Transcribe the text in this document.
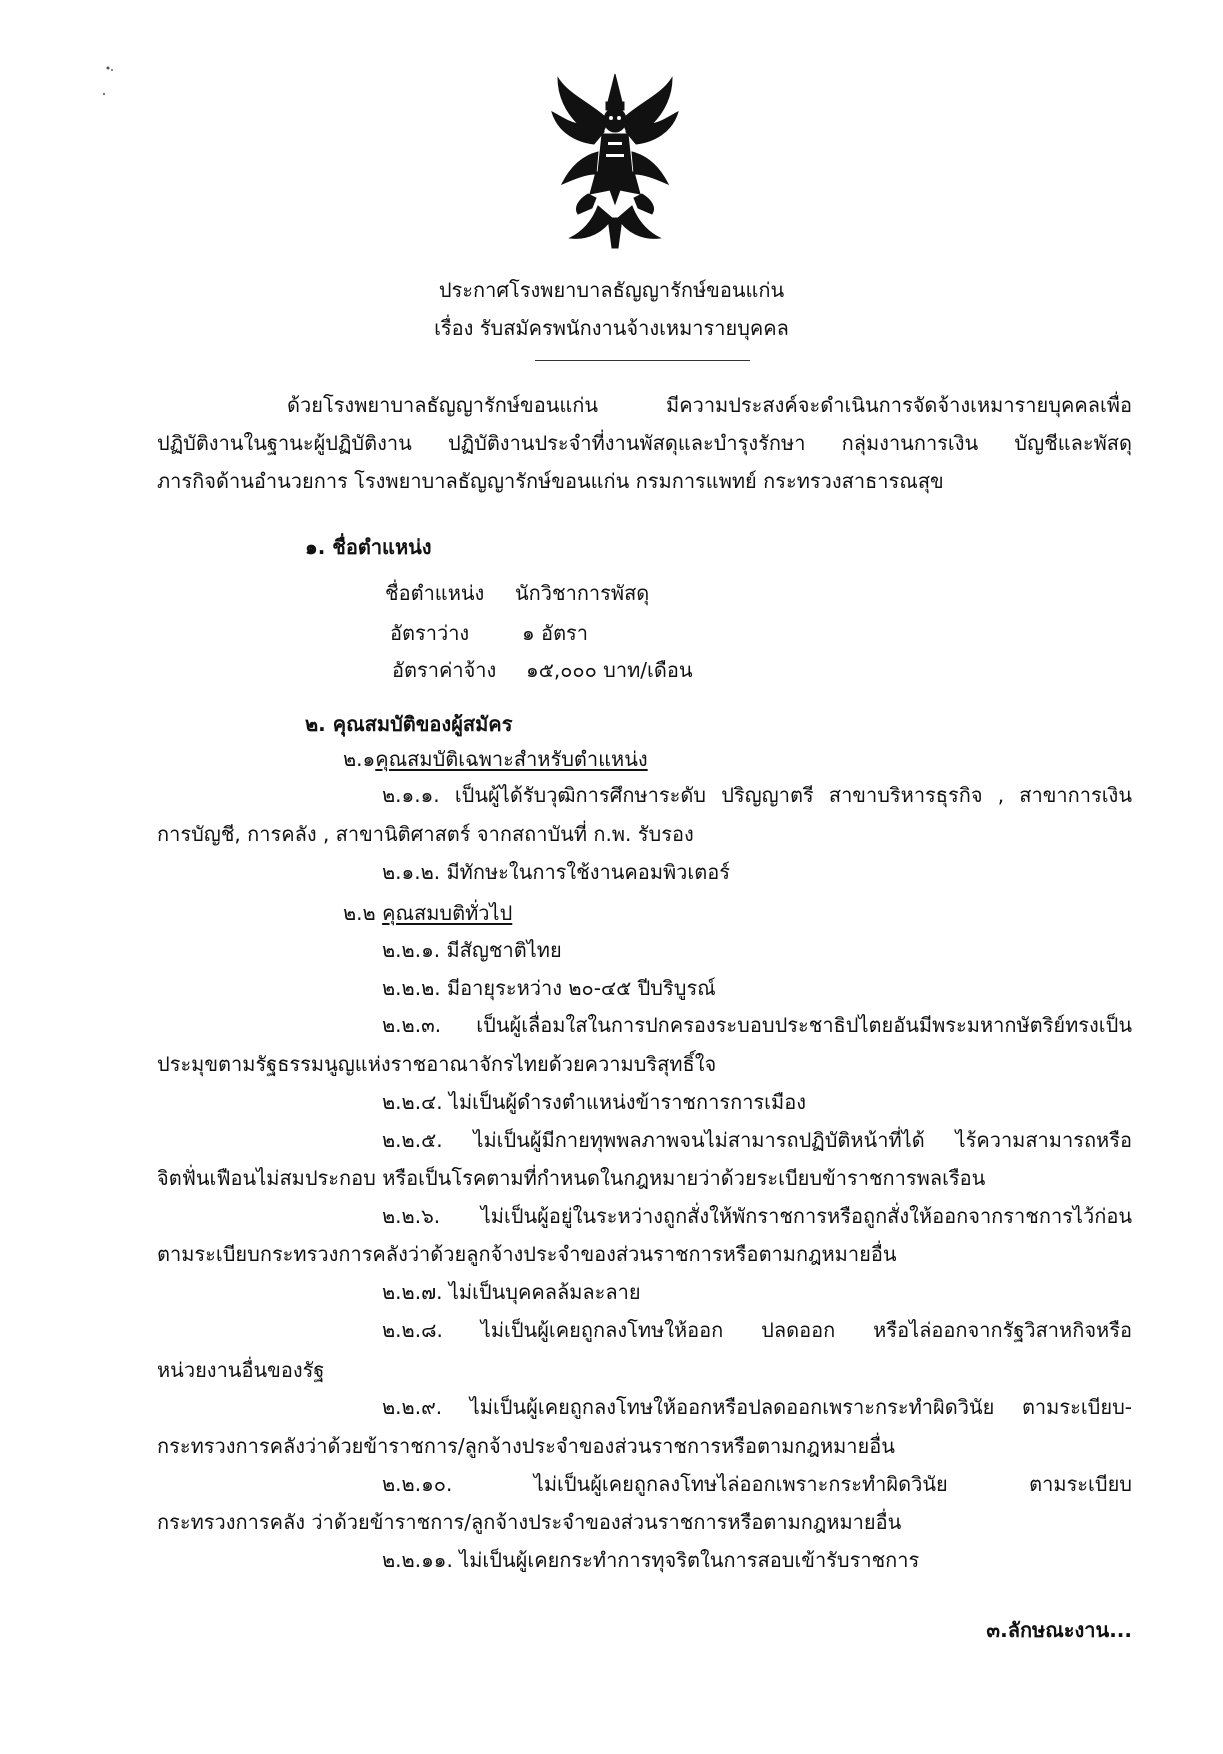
ประกาศโรงพยาบาลธัญญารักษ์ขอนแก่น
เรื่อง รับสมัครพนักงานจ้างเหมารายบุคคล
ด้วยโรงพยาบาลธัญญารักษ์ขอนแก่น มีความประสงค์จะดำเนินการจัดจ้างเหมารายบุคคลเพื่อ
ปฏิบัติงานในฐานะผู้ปฏิบัติงาน ปฏิบัติงานประจำที่งานพัสดุและบำรุงรักษา กลุ่มงานการเงิน บัญชีและพัสดุ
ภารกิจด้านอำนวยการ โรงพยาบาลธัญญารักษ์ขอนแก่น กรมการแพทย์ กระทรวงสาธารณสุข
๑. ชื่อตำแหน่ง
ชื่อตำแหน่ง นักวิชาการพัสดุ
อัตราว่าง	๑ อัตรา
อัตราค่าจ้าง ๑๕,๐๐๐ บาท/เดือน
๒. คุณสมบัติของผู้สมัคร
๒.๑คุณสมบัติเฉพาะสำหรับตำแหน่ง
๒.๑.๑. เป็นผู้ได้รับวุฒิการศึกษาระดับ ปริญญาตรี สาขาบริหารธุรกิจ , สาขาการเงิน
การบัญชี, การคลัง , สาขานิติศาสตร์ จากสถาบันที่ ก.พ. รับรอง
๒.๑.๒. มีทักษะในการใช้งานคอมพิวเตอร์
๒.๒ คุณสมบติทั่วไป
๒.๒.๑. มีสัญชาติไทย
๒.๒.๒. มีอายุระหว่าง ๒๐-๔๕ ปีบริบูรณ์
๒.๒.๓. เป็นผู้เลื่อมใสในการปกครองระบอบประชาธิปไตยอันมีพระมหากษัตริย์ทรงเป็น
ประมุขตามรัฐธรรมนูญแห่งราชอาณาจักรไทยด้วยความบริสุทธิ์ใจ
๒.๒.๔. ไม่เป็นผู้ดำรงตำแหน่งข้าราชการการเมือง
๒.๒.๕. ไม่เป็นผู้มีกายทุพพลภาพจนไม่สามารถปฏิบัติหน้าที่ได้ ไร้ความสามารถหรือ
จิตฟั่นเฟือนไม่สมประกอบ หรือเป็นโรคตามที่กำหนดในกฎหมายว่าด้วยระเบียบข้าราชการพลเรือน
๒.๒.๖. ไม่เป็นผู้อยู่ในระหว่างถูกสั่งให้พักราชการหรือถูกสั่งให้ออกจากราชการไว้ก่อน
ตามระเบียบกระทรวงการคลังว่าด้วยลูกจ้างประจำของส่วนราชการหรือตามกฎหมายอื่น
๒.๒.๗. ไม่เป็นบุคคลล้มละลาย
๒.๒.๘. ไม่เป็นผู้เคยถูกลงโทษให้ออก ปลดออก หรือไล่ออกจากรัฐวิสาหกิจหรือ
หน่วยงานอื่นของรัฐ
๒.๒.๙. ไม่เป็นผู้เคยถูกลงโทษให้ออกหรือปลดออกเพราะกระทำผิดวินัย ตามระเบียบ-
กระทรวงการคลังว่าด้วยข้าราชการ/ลูกจ้างประจำของส่วนราชการหรือตามกฎหมายอื่น
๒.๒.๑๐. ไม่เป็นผู้เคยถูกลงโทษไล่ออกเพราะกระทำผิดวินัย ตามระเบียบ
กระทรวงการคลัง ว่าด้วยข้าราชการ/ลูกจ้างประจำของส่วนราชการหรือตามกฎหมายอื่น
๒.๒.๑๑. ไม่เป็นผู้เคยกระทำการทุจริตในการสอบเข้ารับราชการ
๓.ลักษณะงาน...
